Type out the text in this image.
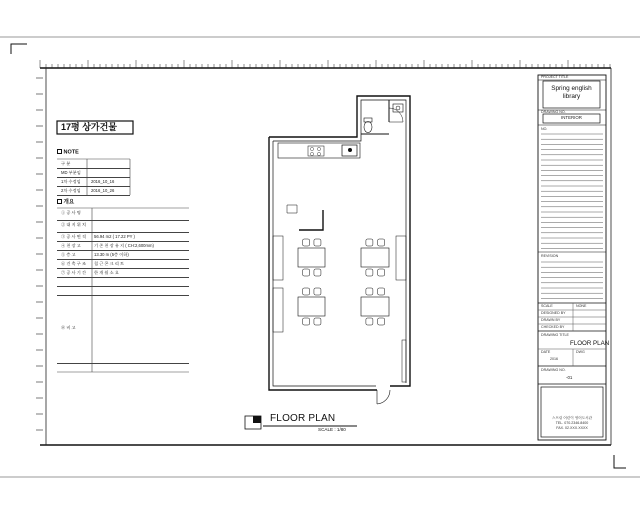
17평 상가건물
NOTE
구 분
MD 부분임
1차 수정임 2016_10_16
2차 수정임 2016_10_26
개요
① 공 사 명
② 대 지 위 치
③ 공 사 면 적 56.94 m2 ( 17.22 PY )
④ 천 장 고	기 존 천 장 유 지 ( CH:2,600mm)
⑤ 층 고	13.30 m (5층 이하)
⑥ 건 축 구 조 철 근 콘 크 리 트
⑦ 공 사 기 간 한 개 월 소 요
⑧ 비 고
FLOOR PLAN
SCALE : 1/80
PROJECT TITLE
Spring english library
DRAWING NO.
INTERIOR
NO.
REVISION
SCALE	NONE
DESIGNED BY
DRAWN BY
CHECKED BY
DRAWING TITLE
FLOOR PLAN
DATE
2016
DWG
DRAWING NO.
-01
스프링 어린이 영어도서관
TEL. 070.2346.8400
FAX. 02.XXX.XXXX
